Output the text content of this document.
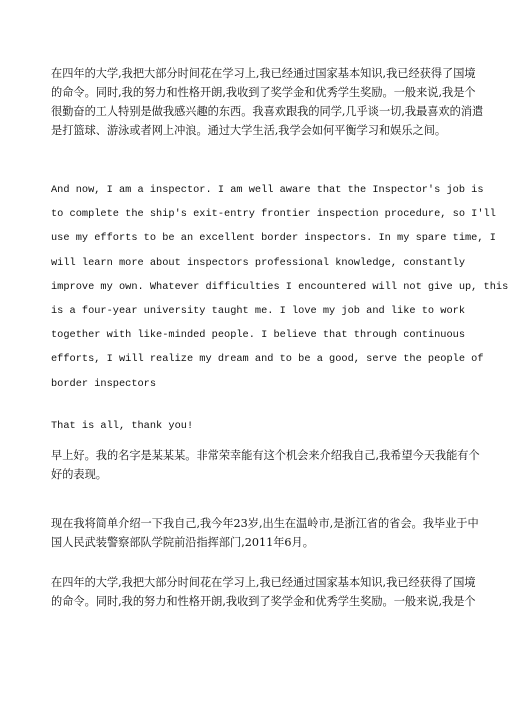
在四年的大学,我把大部分时间花在学习上,我已经通过国家基本知识,我已经获得了国境
的命令。同时,我的努力和性格开朗,我收到了奖学金和优秀学生奖励。一般来说,我是个
很勤奋的工人特别是做我感兴趣的东西。我喜欢跟我的同学,几乎谈一切,我最喜欢的消遣
是打篮球、游泳或者网上冲浪。通过大学生活,我学会如何平衡学习和娱乐之间。
And now, I am a inspector. I am well aware that the Inspector's job is
to complete the ship's exit-entry frontier inspection procedure, so I'll
use my efforts to be an excellent border inspectors. In my spare time, I
will learn more about inspectors professional knowledge, constantly
improve my own. Whatever difficulties I encountered will not give up, this
is a four-year university taught me. I love my job and like to work
together with like-minded people. I believe that through continuous
efforts, I will realize my dream and to be a good, serve the people of
border inspectors
That is all, thank you!
早上好。我的名字是某某某。非常荣幸能有这个机会来介绍我自己,我希望今天我能有个
好的表现。
现在我将简单介绍一下我自己,我今年23岁,出生在温岭市,是浙江省的省会。我毕业于中
国人民武装警察部队学院前沿指挥部门,2011年6月。
在四年的大学,我把大部分时间花在学习上,我已经通过国家基本知识,我已经获得了国境
的命令。同时,我的努力和性格开朗,我收到了奖学金和优秀学生奖励。一般来说,我是个
